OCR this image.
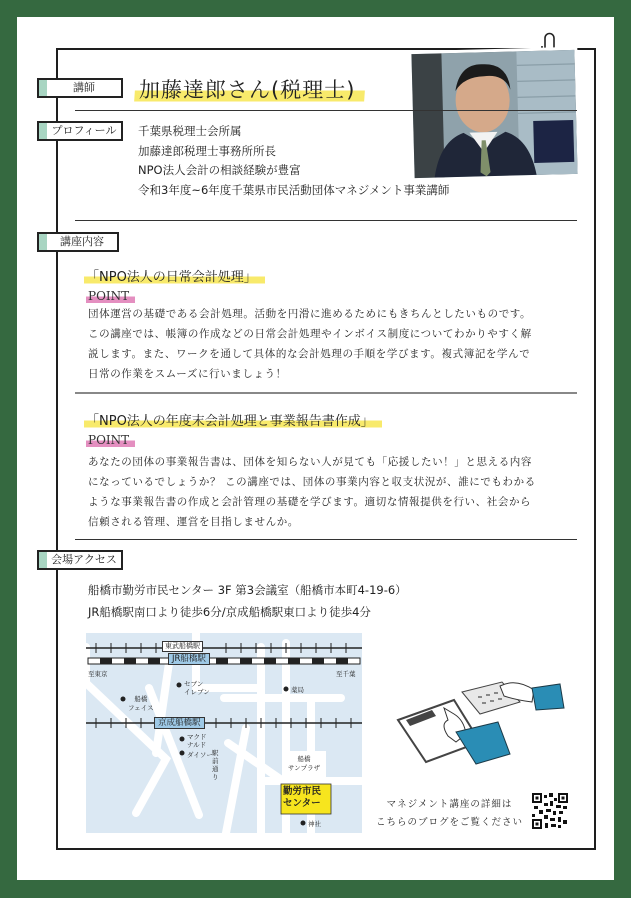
講師	加藤達郎さん(税理士)
プロフィール	千葉県税理士会所属
加藤達郎税理士事務所所長
NPO法人会計の相談経験が豊富
令和3年度~6年度千葉県市民活動団体マネジメント事業講師
講座内容
「NPO法人の日常会計処理」
POINT
団体運営の基礎である会計処理。活動を円滑に進めるためにもきちんとしたいものです。
この講座では、帳簿の作成などの日常会計処理やインボイス制度についてわかりやすく解
説します。また、ワークを通して具体的な会計処理の手順を学びます。複式簿記を学んで
日常の作業をスムーズに行いましょう！
「NPO法人の年度末会計処理と事業報告書作成」
POINT
あなたの団体の事業報告書は、団体を知らない人が見ても「応援したい！」と思える内容
になっているでしょうか？ この講座では、団体の事業内容と収支状況が、誰にでもわかる
ような事業報告書の作成と会計管理の基礎を学びます。適切な情報提供を行い、社会から
信頼される管理、運営を目指しませんか。
会場アクセス
船橋市勤労市民センター 3F 第3会議室（船橋市本町4-19-6）
JR船橋駅南口より徒歩6分/京成船橋駅東口より徒歩4分
東武船橋駅
JR船橋駅
至東京	至千葉
セブン
イレブン	薬局
船橋
フェイス
京成船橋駅
マクド
ナルド
ダイソー 駅
前
通
り
船橋
サンプラザ
勤労市民
センター
神社
マネジメント講座の詳細は
こちらのブログをご覧ください
